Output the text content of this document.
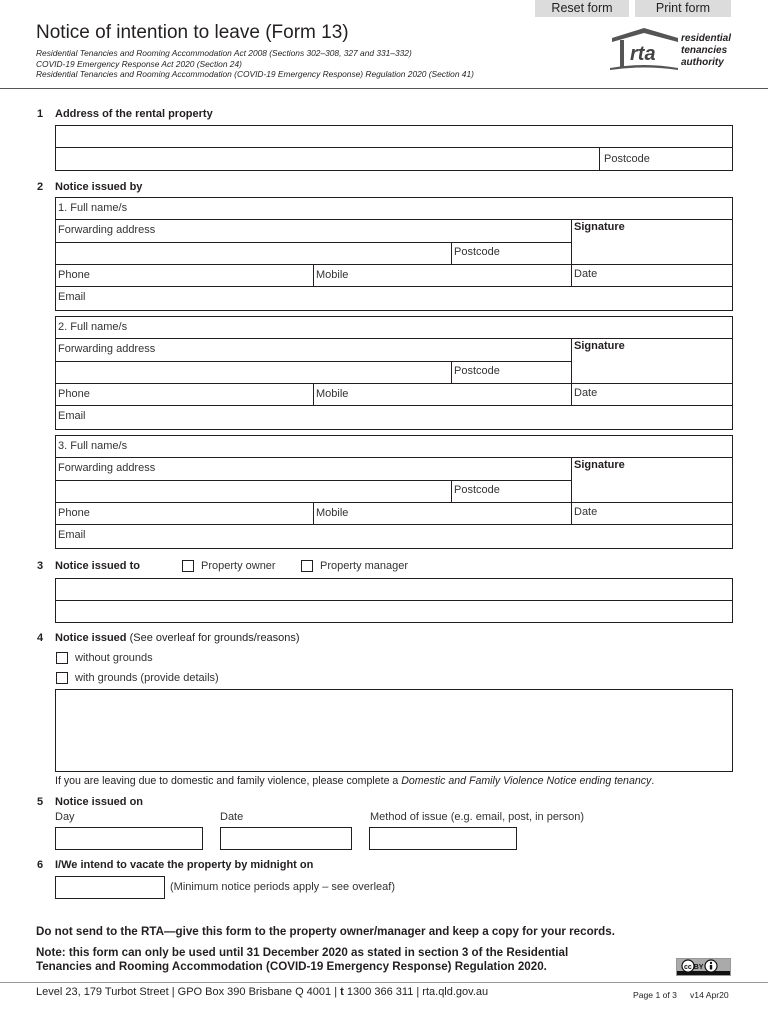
Reset form	Print form
Notice of intention to leave (Form 13)
Residential Tenancies and Rooming Accommodation Act 2008 (Sections 302–308, 327 and 331–332)
COVID-19 Emergency Response Act 2020 (Section 24)
Residential Tenancies and Rooming Accommodation (COVID-19 Emergency Response) Regulation 2020 (Section 41)
rta
residential
tenancies
authority
1 Address of the rental property
Postcode
2 Notice issued by
1. Full name/s
Forwarding address	Signature
Postcode
Phone	Mobile	Date
Email
2. Full name/s
Forwarding address	Signature
Postcode
Phone	Mobile	Date
Email
3. Full name/s
Forwarding address	Signature
Postcode
Phone	Mobile	Date
Email
3 Notice issued to	Property owner	Property manager
4 Notice issued (See overleaf for grounds/reasons)
without grounds
with grounds (provide details)
If you are leaving due to domestic and family violence, please complete a Domestic and Family Violence Notice ending tenancy.
5 Notice issued on
Day	Date	Method of issue (e.g. email, post, in person)
6 I/We intend to vacate the property by midnight on
(Minimum notice periods apply – see overleaf)
Do not send to the RTA—give this form to the property owner/manager and keep a copy for your records.
Note: this form can only be used until 31 December 2020 as stated in section 3 of the Residential
Tenancies and Rooming Accommodation (COVID-19 Emergency Response) Regulation 2020.	cc BY
Level 23, 179 Turbot Street | GPO Box 390 Brisbane Q 4001 | t 1300 366 311 | rta.qld.gov.au	Page 1 of 3 v14 Apr20
